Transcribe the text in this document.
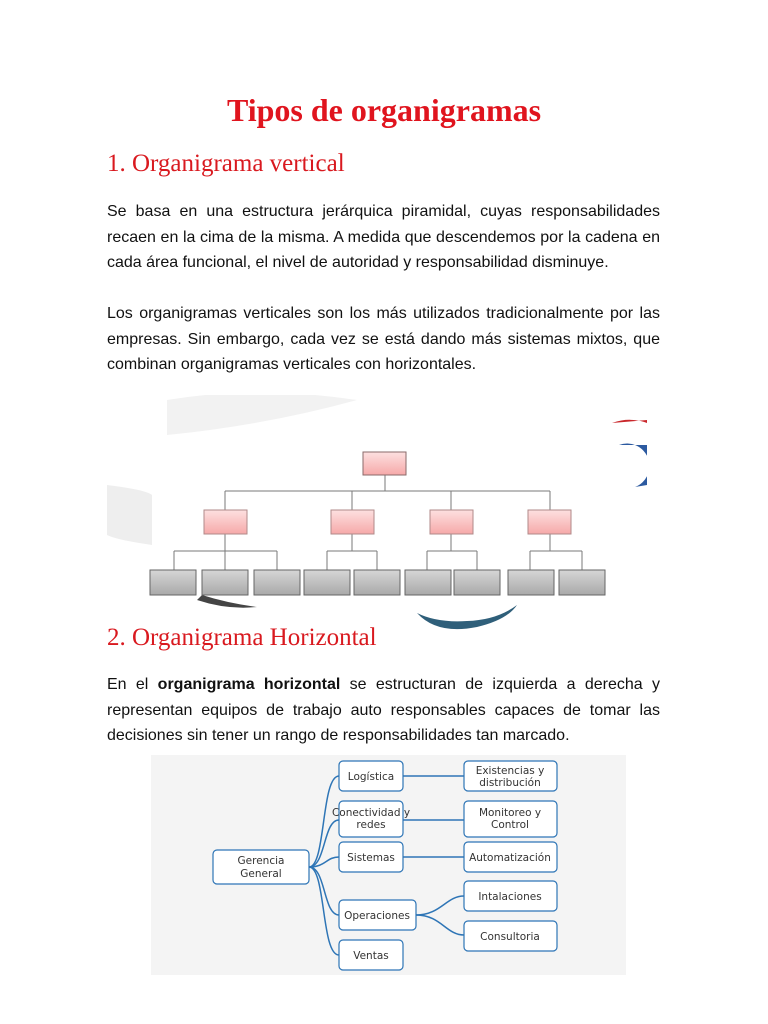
Tipos de organigramas
1. Organigrama vertical

Se basa en una estructura jerárquica piramidal, cuyas responsabilidades recaen en la cima de la misma. A medida que descendemos por la cadena en cada área funcional, el nivel de autoridad y responsabilidad disminuye.

Los organigramas verticales son los más utilizados tradicionalmente por las empresas. Sin embargo, cada vez se está dando más sistemas mixtos, que combinan organigramas verticales con horizontales.

2. Organigrama Horizontal

En el organigrama horizontal se estructuran de izquierda a derecha y representan equipos de trabajo auto responsables capaces de tomar las decisiones sin tener un rango de responsabilidades tan marcado.

Gerencia
General
Logística
Conectividad y
redes
Sistemas
Operaciones
Ventas
Existencias y
distribución
Monitoreo y
Control
Automatización
Intalaciones
Consultoria
